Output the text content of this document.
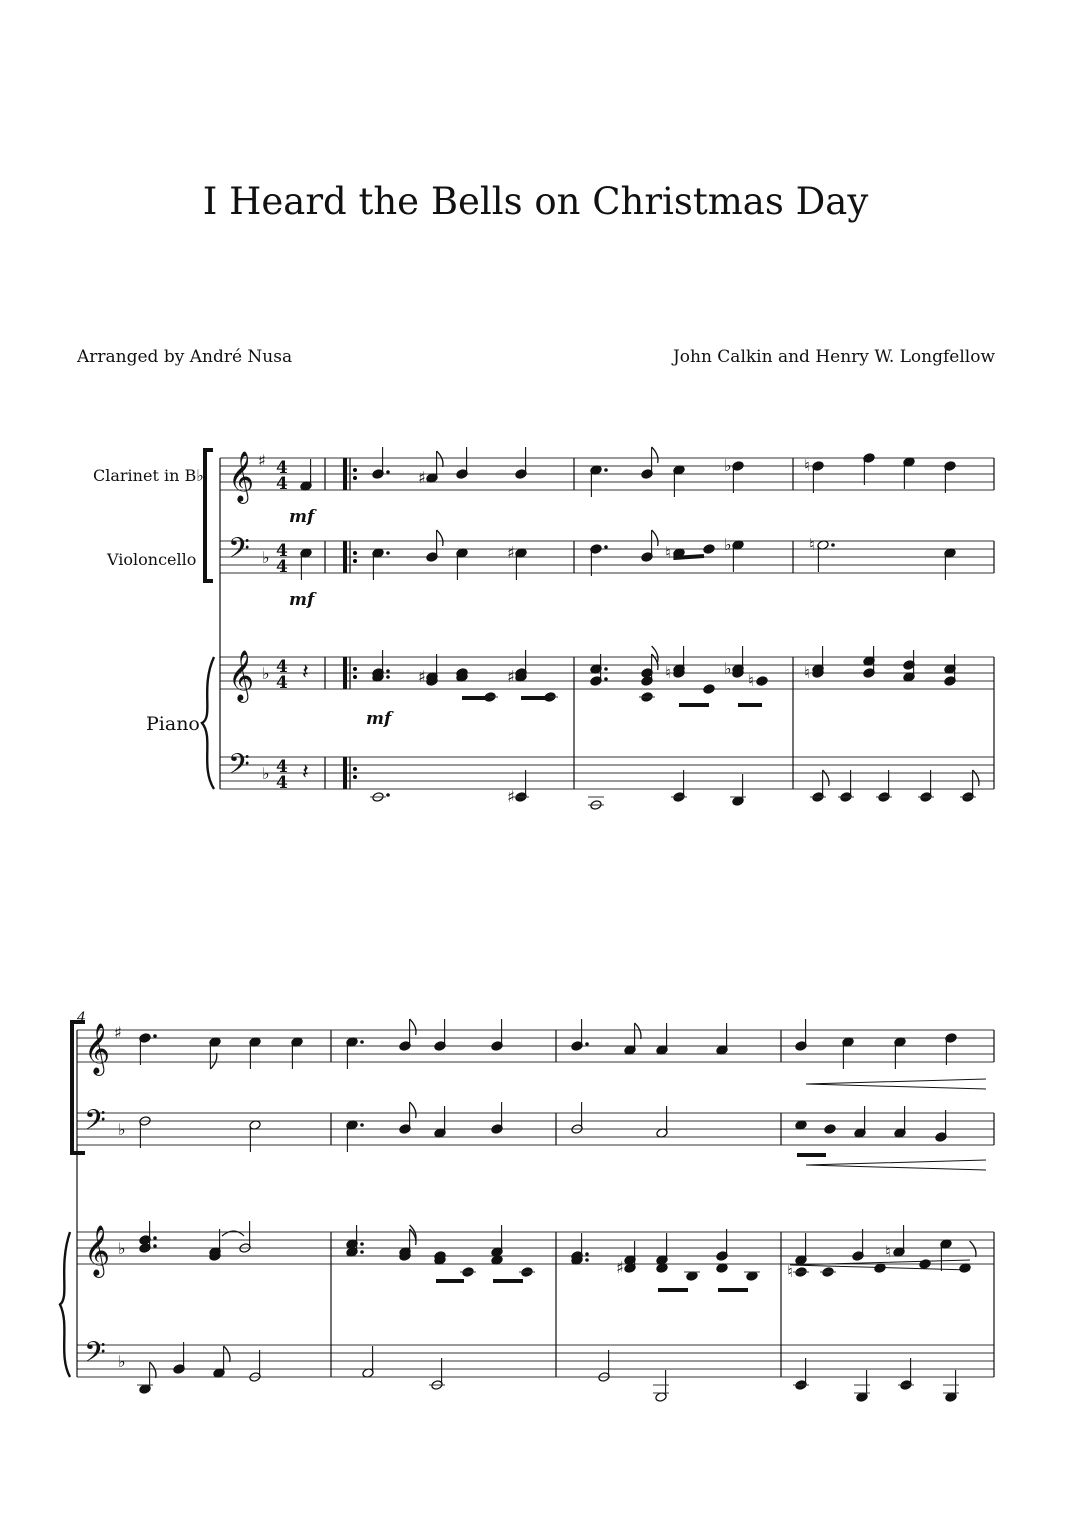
I Heard the Bells on Christmas Day
Arranged by André Nusa	John Calkin and Henry W. Longfellow
Clarinet in B♭
Violoncello
Piano
𝄞 ♯ 4
4
𝄢 ♭ 4
4
𝄞 ♭ 4
4
𝄢 ♭ 4
4
𝄽
𝄽
mf
mf
mf
♯
♭	♮
♯	♮	♭	♮
♯	♯	♮	♭
♮	♮
♯
4
𝄞 ♯
𝄢 ♭
𝄞 ♭
𝄢 ♭
♯
♮
♮
